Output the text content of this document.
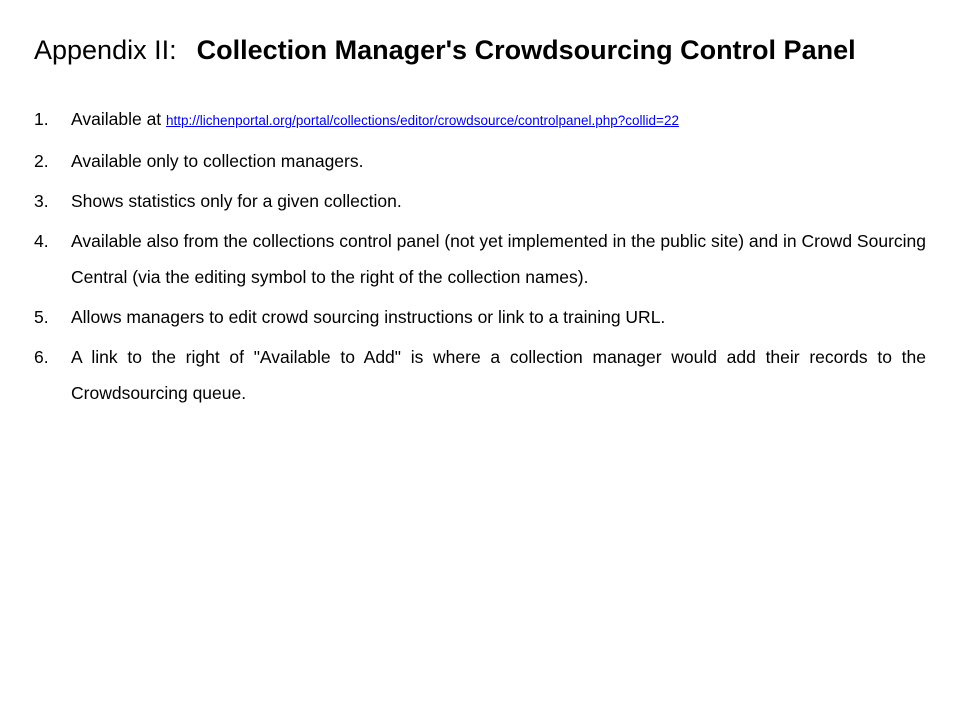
Appendix II: Collection Manager's Crowdsourcing Control Panel
1. Available at http://lichenportal.org/portal/collections/editor/crowdsource/controlpanel.php?collid=22
2. Available only to collection managers.
3. Shows statistics only for a given collection.
4. Available also from the collections control panel (not yet implemented in the public site) and in Crowd Sourcing Central (via the editing symbol to the right of the collection names).
5. Allows managers to edit crowd sourcing instructions or link to a training URL.
6. A link to the right of "Available to Add" is where a collection manager would add their records to the Crowdsourcing queue.
